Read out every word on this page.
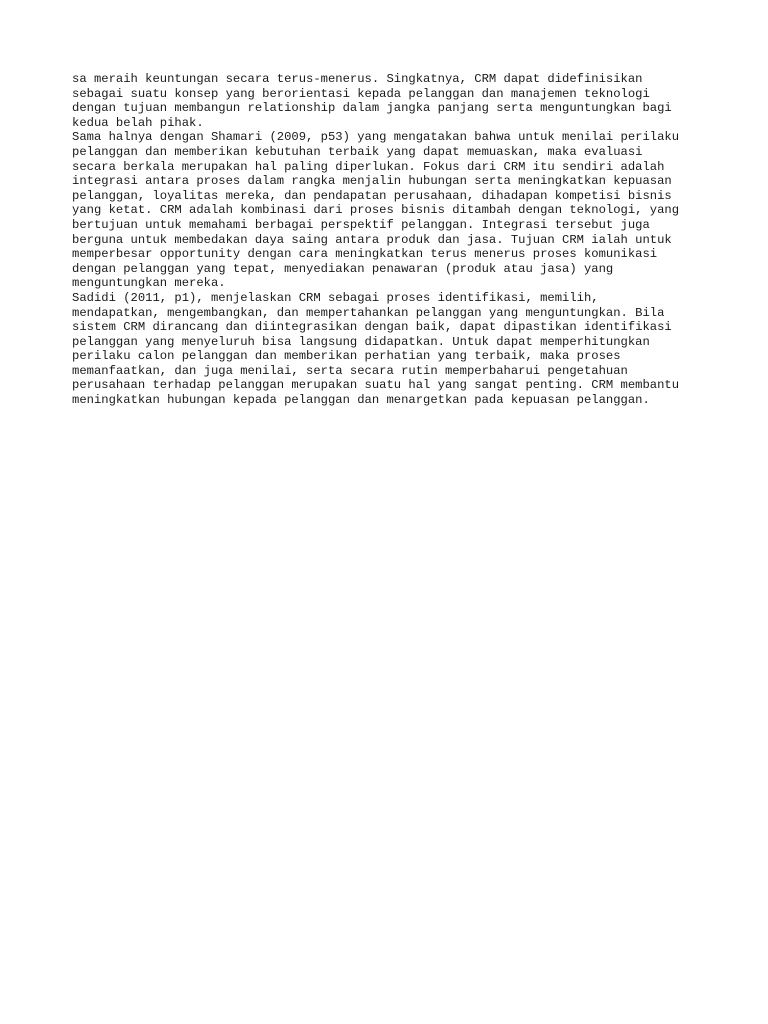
sa meraih keuntungan secara terus-menerus. Singkatnya, CRM dapat didefinisikan
sebagai suatu konsep yang berorientasi kepada pelanggan dan manajemen teknologi
dengan tujuan membangun relationship dalam jangka panjang serta menguntungkan bagi
kedua belah pihak.
Sama halnya dengan Shamari (2009, p53) yang mengatakan bahwa untuk menilai perilaku
pelanggan dan memberikan kebutuhan terbaik yang dapat memuaskan, maka evaluasi
secara berkala merupakan hal paling diperlukan. Fokus dari CRM itu sendiri adalah
integrasi antara proses dalam rangka menjalin hubungan serta meningkatkan kepuasan
pelanggan, loyalitas mereka, dan pendapatan perusahaan, dihadapan kompetisi bisnis
yang ketat. CRM adalah kombinasi dari proses bisnis ditambah dengan teknologi, yang
bertujuan untuk memahami berbagai perspektif pelanggan. Integrasi tersebut juga
berguna untuk membedakan daya saing antara produk dan jasa. Tujuan CRM ialah untuk
memperbesar opportunity dengan cara meningkatkan terus menerus proses komunikasi
dengan pelanggan yang tepat, menyediakan penawaran (produk atau jasa) yang
menguntungkan mereka.
Sadidi (2011, p1), menjelaskan CRM sebagai proses identifikasi, memilih,
mendapatkan, mengembangkan, dan mempertahankan pelanggan yang menguntungkan. Bila
sistem CRM dirancang dan diintegrasikan dengan baik, dapat dipastikan identifikasi
pelanggan yang menyeluruh bisa langsung didapatkan. Untuk dapat memperhitungkan
perilaku calon pelanggan dan memberikan perhatian yang terbaik, maka proses
memanfaatkan, dan juga menilai, serta secara rutin memperbaharui pengetahuan
perusahaan terhadap pelanggan merupakan suatu hal yang sangat penting. CRM membantu
meningkatkan hubungan kepada pelanggan dan menargetkan pada kepuasan pelanggan.
